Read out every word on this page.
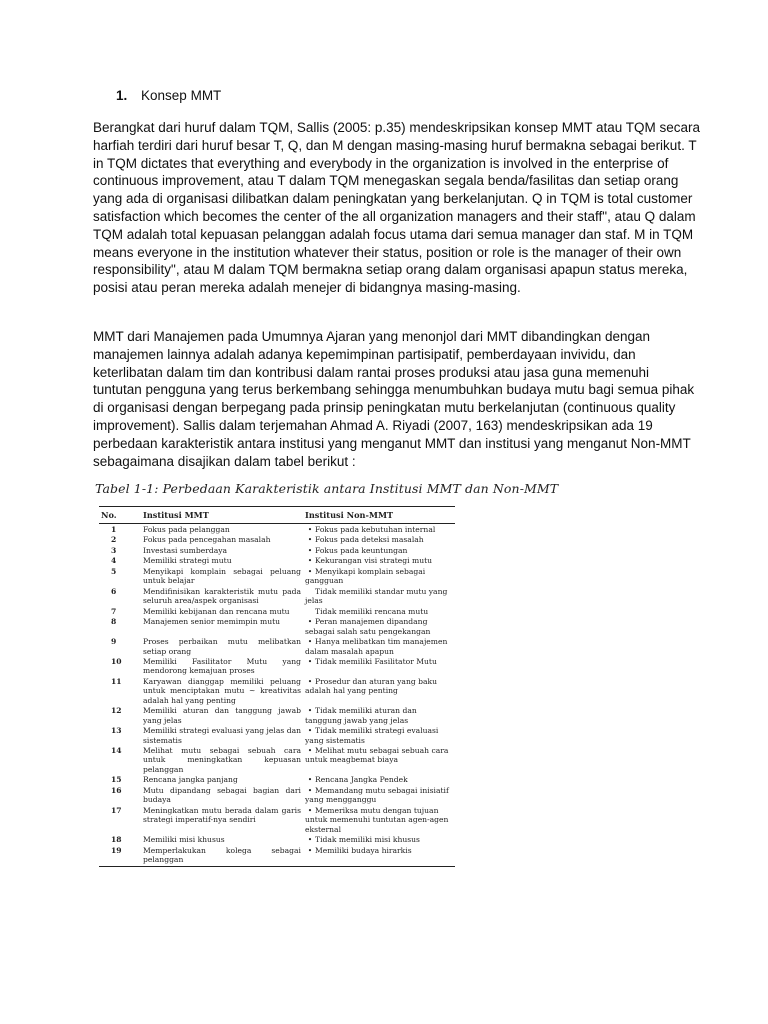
1. Konsep MMT
Berangkat dari huruf dalam TQM, Sallis (2005: p.35) mendeskripsikan konsep MMT atau TQM secara
harfiah terdiri dari huruf besar T, Q, dan M dengan masing-masing huruf bermakna sebagai berikut. T
in TQM dictates that everything and everybody in the organization is involved in the enterprise of
continuous improvement, atau T dalam TQM menegaskan segala benda/fasilitas dan setiap orang
yang ada di organisasi dilibatkan dalam peningkatan yang berkelanjutan. Q in TQM is total customer
satisfaction which becomes the center of the all organization managers and their staff", atau Q dalam
TQM adalah total kepuasan pelanggan adalah focus utama dari semua manager dan staf. M in TQM
means everyone in the institution whatever their status, position or role is the manager of their own
responsibility", atau M dalam TQM bermakna setiap orang dalam organisasi apapun status mereka,
posisi atau peran mereka adalah menejer di bidangnya masing-masing.
MMT dari Manajemen pada Umumnya Ajaran yang menonjol dari MMT dibandingkan dengan
manajemen lainnya adalah adanya kepemimpinan partisipatif, pemberdayaan invividu, dan
keterlibatan dalam tim dan kontribusi dalam rantai proses produksi atau jasa guna memenuhi
tuntutan pengguna yang terus berkembang sehingga menumbuhkan budaya mutu bagi semua pihak
di organisasi dengan berpegang pada prinsip peningkatan mutu berkelanjutan (continuous quality
improvement). Sallis dalam terjemahan Ahmad A. Riyadi (2007, 163) mendeskripsikan ada 19
perbedaan karakteristik antara institusi yang menganut MMT dan institusi yang menganut Non-MMT
sebagaimana disajikan dalam tabel berikut :
Tabel 1-1: Perbedaan Karakteristik antara Institusi MMT dan Non-MMT
No.	Institusi MMT	Institusi Non-MMT
1	Fokus pada pelanggan	• Fokus pada kebutuhan internal
2	Fokus pada pencegahan masalah	• Fokus pada deteksi masalah
3	Investasi sumberdaya	• Fokus pada keuntungan
4	Memiliki strategi mutu	• Kekurangan visi strategi mutu
5	Menyikapi komplain sebagai peluang untuk belajar	• Menyikapi komplain sebagai gangguan
6	Mendifinisikan karakteristik mutu pada seluruh area/aspek organisasi	Tidak memiliki standar mutu yang jelas
7	Memiliki kebijanan dan rencana mutu	Tidak memiliki rencana mutu
8	Manajemen senior memimpin mutu	• Peran manajemen dipandang sebagai salah satu pengekangan
9	Proses perbaikan mutu melibatkan setiap orang	• Hanya melibatkan tim manajemen dalam masalah apapun
10	Memiliki Fasilitator Mutu yang mendorong kemajuan proses	• Tidak memiliki Fasilitator Mutu
11	Karyawan dianggap memiliki peluang untuk menciptakan mutu ~ kreativitas adalah hal yang penting	• Prosedur dan aturan yang baku adalah hal yang penting
12	Memiliki aturan dan tanggung jawab yang jelas	• Tidak memiliki aturan dan tanggung jawab yang jelas
13	Memiliki strategi evaluasi yang jelas dan sistematis	• Tidak memiliki strategi evaluasi yang sistematis
14	Melihat mutu sebagai sebuah cara untuk meningkatkan kepuasan pelanggan	• Melihat mutu sebagai sebuah cara untuk meagbemat biaya
15	Rencana jangka panjang	• Rencana Jangka Pendek
16	Mutu dipandang sebagai bagian dari budaya	• Memandang mutu sebagai inisiatif yang mengganggu
17	Meningkatkan mutu berada dalam garis strategi imperatif-nya sendiri	• Memeriksa mutu dengan tujuan untuk memenuhi tuntutan agen-agen eksternal
18	Memiliki misi khusus	• Tidak memiliki misi khusus
19	Memperlakukan kolega sebagai pelanggan	• Memiliki budaya hirarkis
